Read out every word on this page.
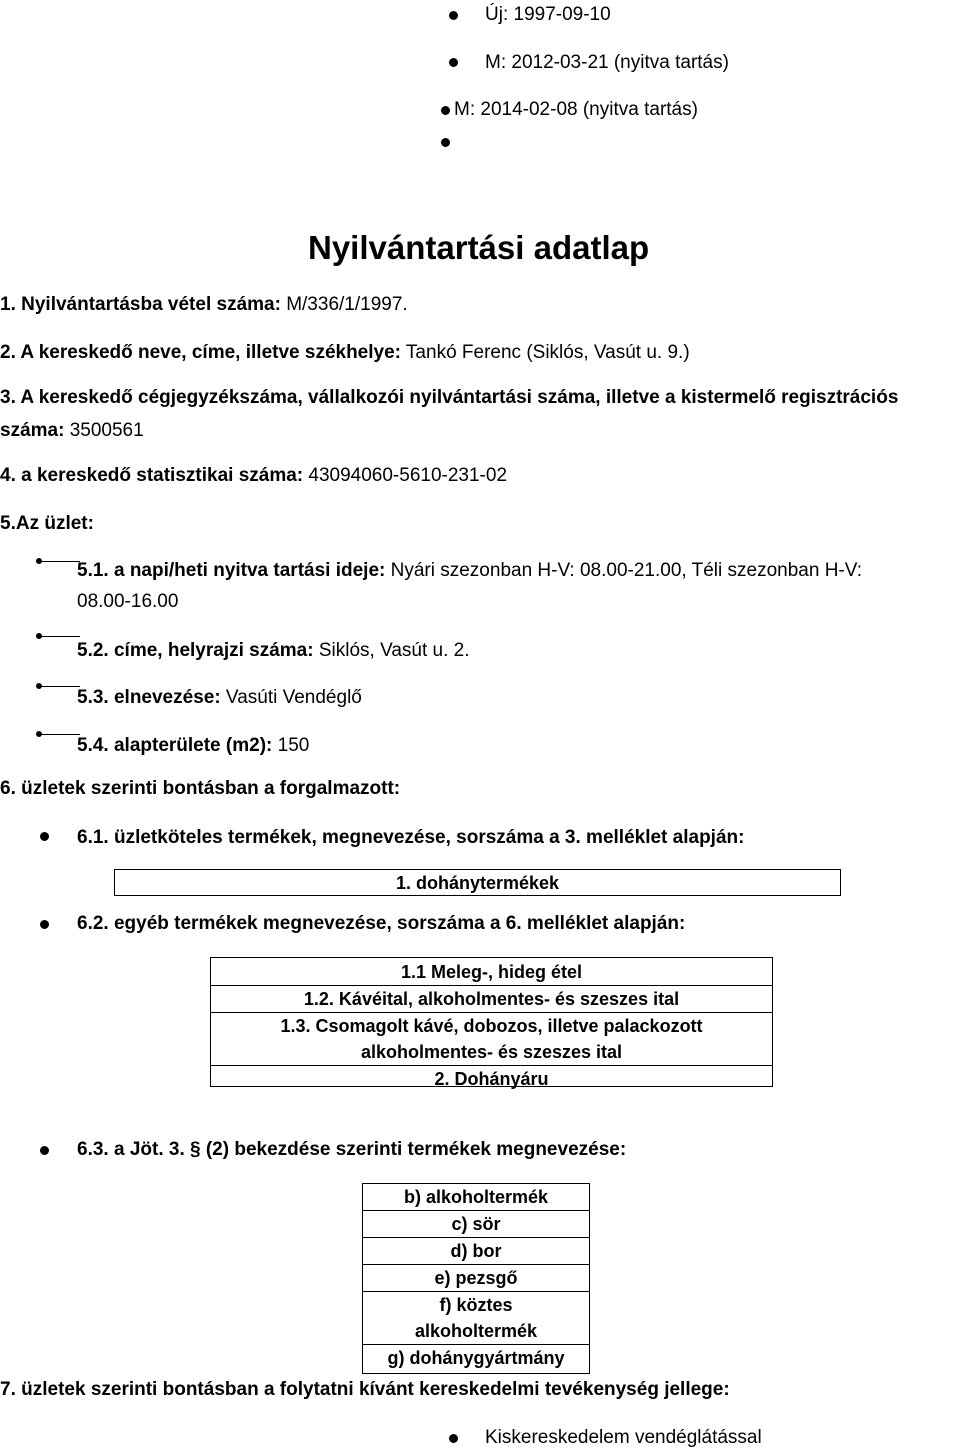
Új: 1997-09-10
M: 2012-03-21 (nyitva tartás)
M: 2014-02-08 (nyitva tartás)
Nyilvántartási adatlap
1. Nyilvántartásba vétel száma: M/336/1/1997.
2. A kereskedő neve, címe, illetve székhelye: Tankó Ferenc (Siklós, Vasút u. 9.)
3. A kereskedő cégjegyzékszáma, vállalkozói nyilvántartási száma, illetve a kistermelő regisztrációs
száma: 3500561
4. a kereskedő statisztikai száma: 43094060-5610-231-02
5.Az üzlet:
5.1. a napi/heti nyitva tartási ideje: Nyári szezonban H-V: 08.00-21.00, Téli szezonban H-V:
08.00-16.00
5.2. címe, helyrajzi száma: Siklós, Vasút u. 2.
5.3. elnevezése: Vasúti Vendéglő
5.4. alapterülete (m2): 150
6. üzletek szerinti bontásban a forgalmazott:
6.1. üzletköteles termékek, megnevezése, sorszáma a 3. melléklet alapján:
1. dohánytermékek
6.2. egyéb termékek megnevezése, sorszáma a 6. melléklet alapján:
1.1 Meleg-, hideg étel
1.2. Kávéital, alkoholmentes- és szeszes ital
1.3. Csomagolt kávé, dobozos, illetve palackozott
alkoholmentes- és szeszes ital
2. Dohányáru
6.3. a Jöt. 3. § (2) bekezdése szerinti termékek megnevezése:
b) alkoholtermék
c) sör
d) bor
e) pezsgő
f) köztes
alkoholtermék
g) dohánygyártmány
7. üzletek szerinti bontásban a folytatni kívánt kereskedelmi tevékenység jellege:
Kiskereskedelem vendéglátással
